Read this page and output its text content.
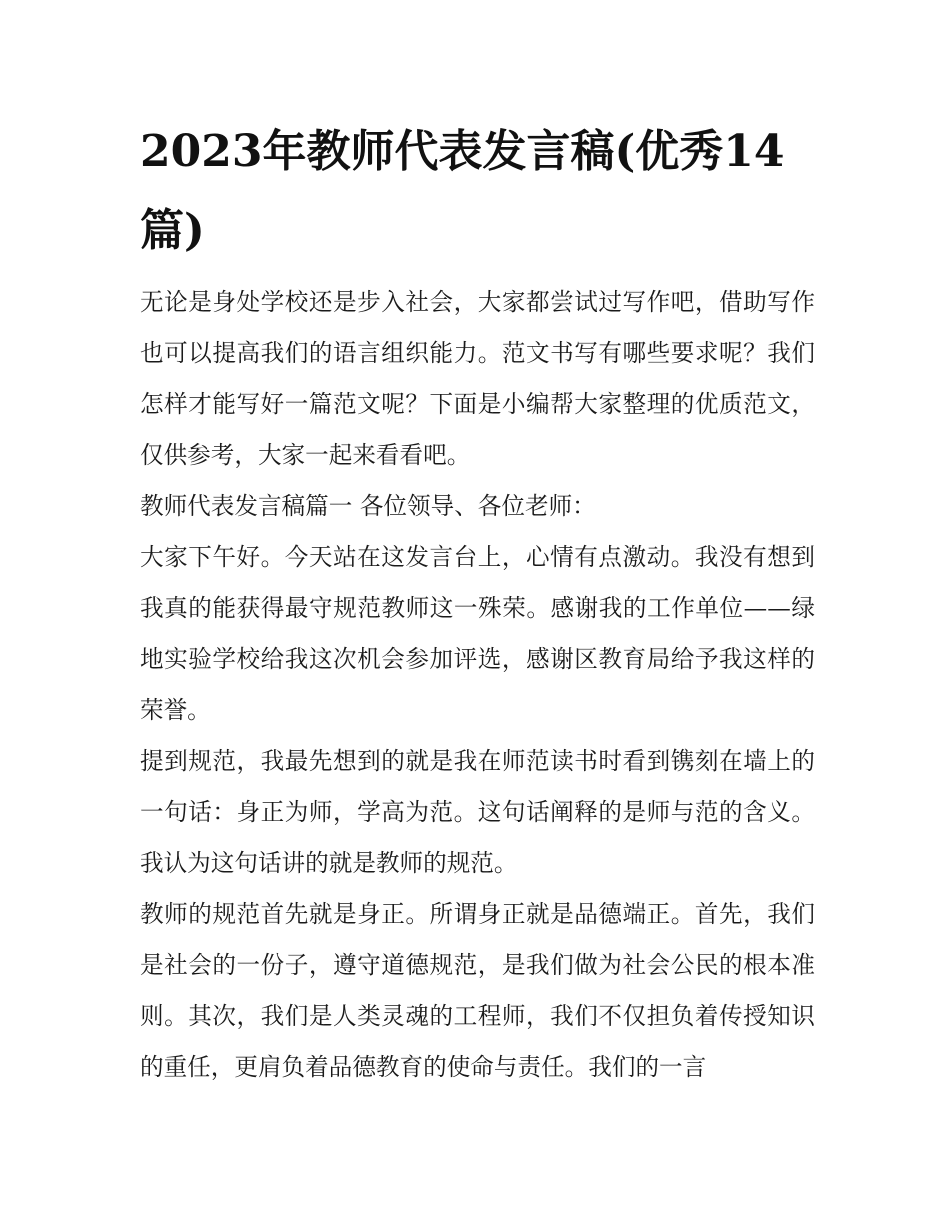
2023年教师代表发言稿(优秀14篇)

无论是身处学校还是步入社会，大家都尝试过写作吧，借助写作也可以提高我们的语言组织能力。范文书写有哪些要求呢？我们怎样才能写好一篇范文呢？下面是小编帮大家整理的优质范文，仅供参考，大家一起来看看吧。

教师代表发言稿篇一 各位领导、各位老师：

大家下午好。今天站在这发言台上，心情有点激动。我没有想到我真的能获得最守规范教师这一殊荣。感谢我的工作单位——绿地实验学校给我这次机会参加评选，感谢区教育局给予我这样的荣誉。

提到规范，我最先想到的就是我在师范读书时看到镌刻在墙上的一句话：身正为师，学高为范。这句话阐释的是师与范的含义。我认为这句话讲的就是教师的规范。

教师的规范首先就是身正。所谓身正就是品德端正。首先，我们是社会的一份子，遵守道德规范，是我们做为社会公民的根本准则。其次，我们是人类灵魂的工程师，我们不仅担负着传授知识的重任，更肩负着品德教育的使命与责任。我们的一言
